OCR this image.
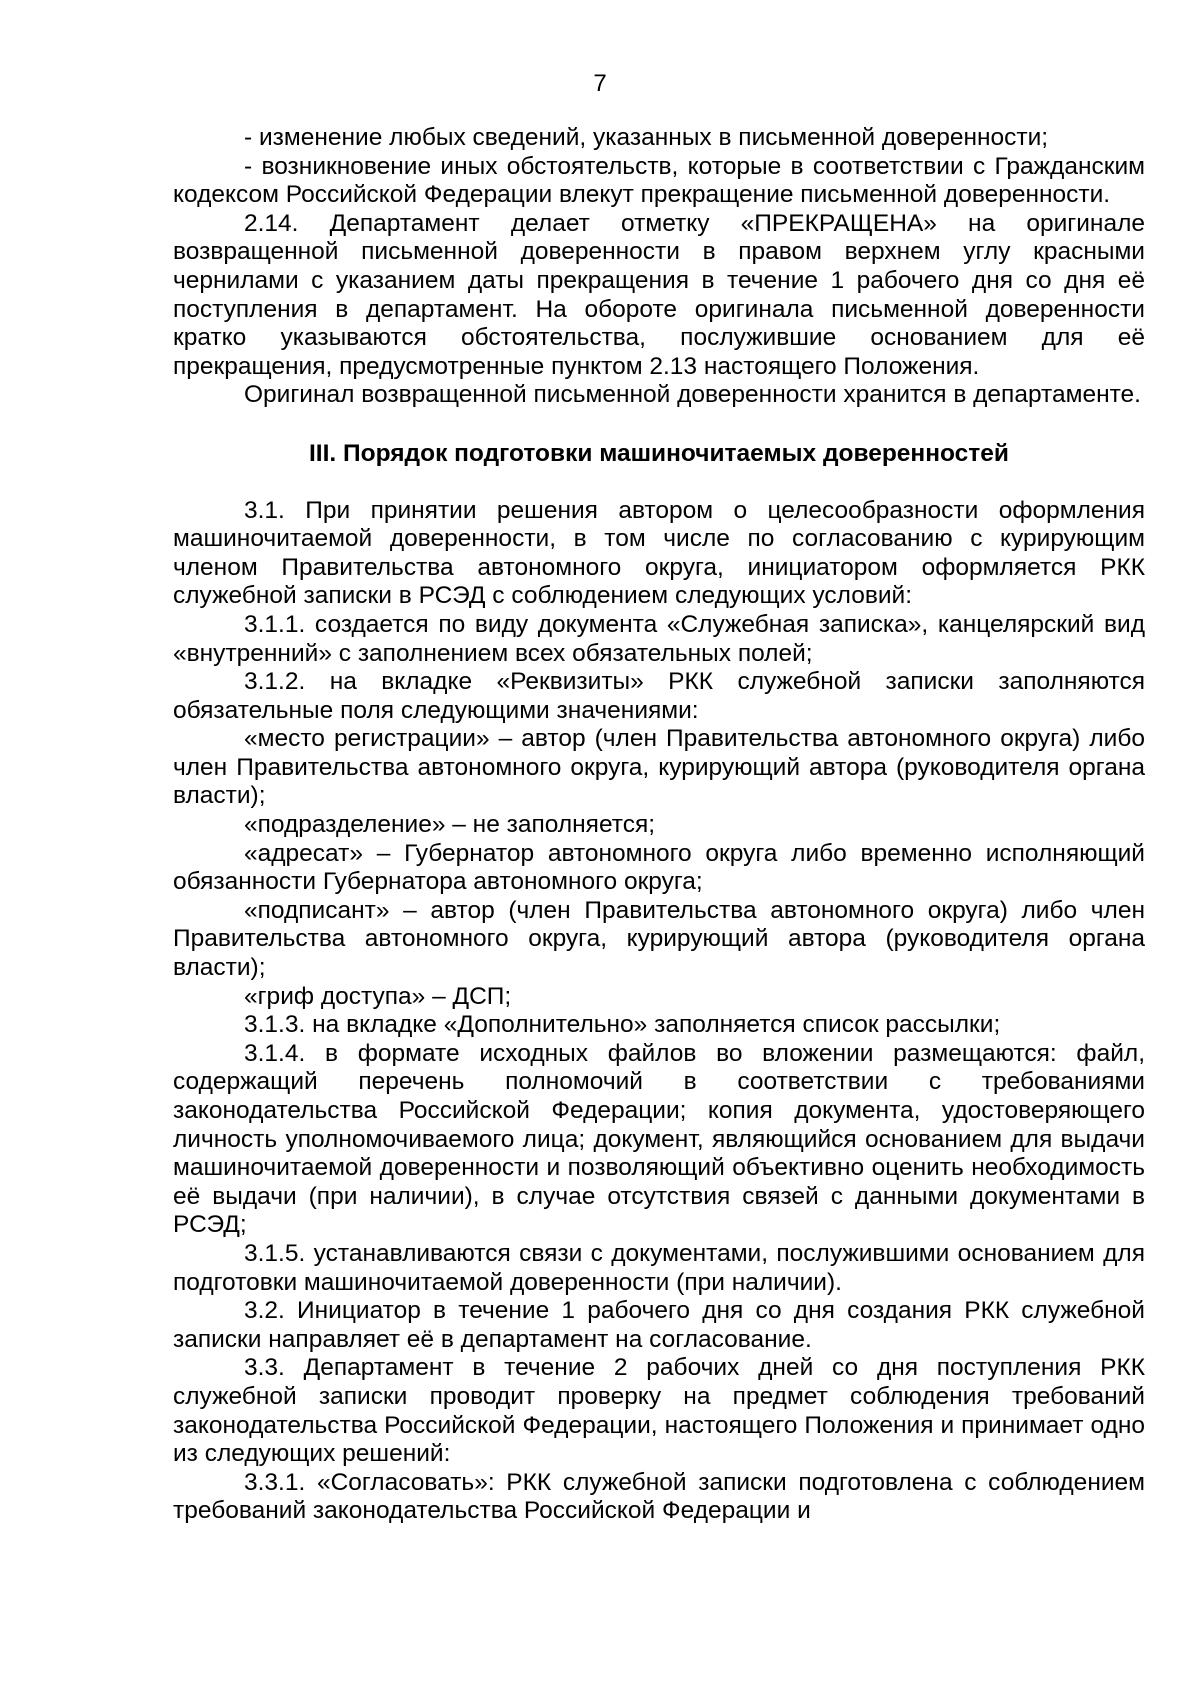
7

- изменение любых сведений, указанных в письменной доверенности;

- возникновение иных обстоятельств, которые в соответствии с Гражданским кодексом Российской Федерации влекут прекращение письменной доверенности.

2.14. Департамент делает отметку «ПРЕКРАЩЕНА» на оригинале возвращенной письменной доверенности в правом верхнем углу красными чернилами с указанием даты прекращения в течение 1 рабочего дня со дня её поступления в департамент. На обороте оригинала письменной доверенности кратко указываются обстоятельства, послужившие основанием для её прекращения, предусмотренные пунктом 2.13 настоящего Положения.

Оригинал возвращенной письменной доверенности хранится в департаменте.

III. Порядок подготовки машиночитаемых доверенностей

3.1. При принятии решения автором о целесообразности оформления машиночитаемой доверенности, в том числе по согласованию с курирующим членом Правительства автономного округа, инициатором оформляется РКК служебной записки в РСЭД с соблюдением следующих условий:

3.1.1. создается по виду документа «Служебная записка», канцелярский вид «внутренний» с заполнением всех обязательных полей;

3.1.2. на вкладке «Реквизиты» РКК служебной записки заполняются обязательные поля следующими значениями:

«место регистрации» – автор (член Правительства автономного округа) либо член Правительства автономного округа, курирующий автора (руководителя органа власти);

«подразделение» – не заполняется;

«адресат» – Губернатор автономного округа либо временно исполняющий обязанности Губернатора автономного округа;

«подписант» – автор (член Правительства автономного округа) либо член Правительства автономного округа, курирующий автора (руководителя органа власти);

«гриф доступа» – ДСП;

3.1.3. на вкладке «Дополнительно» заполняется список рассылки;

3.1.4. в формате исходных файлов во вложении размещаются: файл, содержащий перечень полномочий в соответствии с требованиями законодательства Российской Федерации; копия документа, удостоверяющего личность уполномочиваемого лица; документ, являющийся основанием для выдачи машиночитаемой доверенности и позволяющий объективно оценить необходимость её выдачи (при наличии), в случае отсутствия связей с данными документами в РСЭД;

3.1.5. устанавливаются связи с документами, послужившими основанием для подготовки машиночитаемой доверенности (при наличии).

3.2. Инициатор в течение 1 рабочего дня со дня создания РКК служебной записки направляет её в департамент на согласование.

3.3. Департамент в течение 2 рабочих дней со дня поступления РКК служебной записки проводит проверку на предмет соблюдения требований законодательства Российской Федерации, настоящего Положения и принимает одно из следующих решений:

3.3.1. «Согласовать»: РКК служебной записки подготовлена с соблюдением требований законодательства Российской Федерации и
